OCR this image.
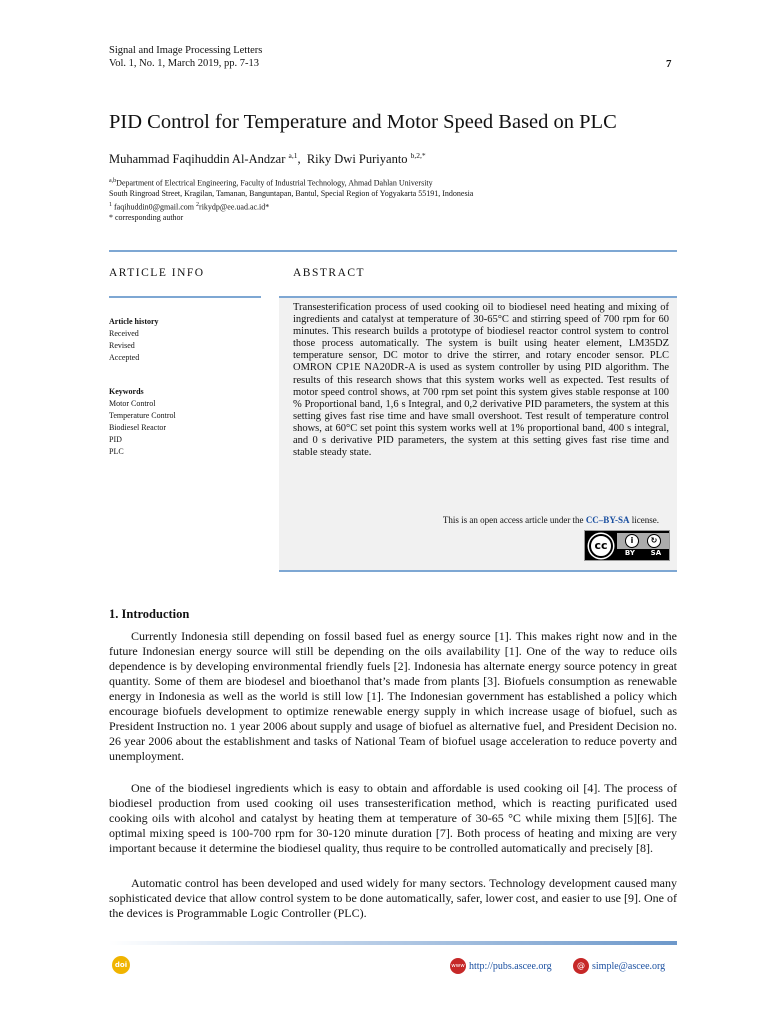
Signal and Image Processing Letters
Vol. 1, No. 1, March 2019, pp. 7-13	7
PID Control for Temperature and Motor Speed Based on PLC
Muhammad Faqihuddin Al-Andzar $^{a,1}$,  Riky Dwi Puriyanto $^{b,2,*}$
$^{a,b}$Department of Electrical Engineering, Faculty of Industrial Technology, Ahmad Dahlan University
South Ringroad Street, Kragilan, Tamanan, Banguntapan, Bantul, Special Region of Yogyakarta 55191, Indonesia
$^1$ faqihuddin0@gmail.com $^2$rikydp@ee.uad.ac.id*
* corresponding author
ARTICLE INFO	ABSTRACT
Article history
Received
Revised
Accepted
Keywords
Motor Control
Temperature Control
Biodiesel Reactor
PID
PLC

Transesterification process of used cooking oil to biodiesel need heating and mixing of ingredients and catalyst at temperature of 30-65°C and stirring speed of 700 rpm for 60 minutes. This research builds a prototype of biodiesel reactor control system to control those process automatically. The system is built using heater element, LM35DZ temperature sensor, DC motor to drive the stirrer, and rotary encoder sensor. PLC OMRON CP1E NA20DR-A is used as system controller by using PID algorithm. The results of this research shows that this system works well as expected. Test results of motor speed control shows, at 700 rpm set point this system gives stable response at 100 % Proportional band, 1,6 s Integral, and 0,2 derivative PID parameters, the system at this setting gives fast rise time and have small overshoot. Test result of temperature control shows, at 60°C set point this system works well at 1% proportional band, 400 s integral, and 0 s derivative PID parameters, the system at this setting gives fast rise time and stable steady state.

This is an open access article under the CC–BY-SA license.
cc	i	↻
BY SA
1. Introduction

Currently Indonesia still depending on fossil based fuel as energy source [1]. This makes right now and in the future Indonesian energy source will still be depending on the oils availability [1]. One of the way to reduce oils dependence is by developing environmental friendly fuels [2]. Indonesia has alternate energy source potency in great quantity. Some of them are biodesel and bioethanol that’s made from plants [3]. Biofuels consumption as renewable energy in Indonesia as well as the world is still low [1]. The Indonesian government has established a policy which encourage biofuels development to optimize renewable energy supply in which increase usage of biofuel, such as President Instruction no. 1 year 2006 about supply and usage of biofuel as alternative fuel, and President Decision no. 26 year 2006 about the establishment and tasks of National Team of biofuel usage acceleration to reduce poverty and unemployment.

One of the biodiesel ingredients which is easy to obtain and affordable is used cooking oil [4]. The process of biodiesel production from used cooking oil uses transesterification method, which is reacting purificated used cooking oils with alcohol and catalyst by heating them at temperature of 30-65 °C while mixing them [5][6]. The optimal mixing speed is 100-700 rpm for 30-120 minute duration [7]. Both process of heating and mixing are very important because it determine the biodiesel quality, thus require to be controlled automatically and precisely [8].

Automatic control has been developed and used widely for many sectors. Technology development caused many sophisticated device that allow control system to be done automatically, safer, lower cost, and easier to use [9]. One of the devices is Programmable Logic Controller (PLC).

doi	www http://pubs.ascee.org	@ simple@ascee.org
